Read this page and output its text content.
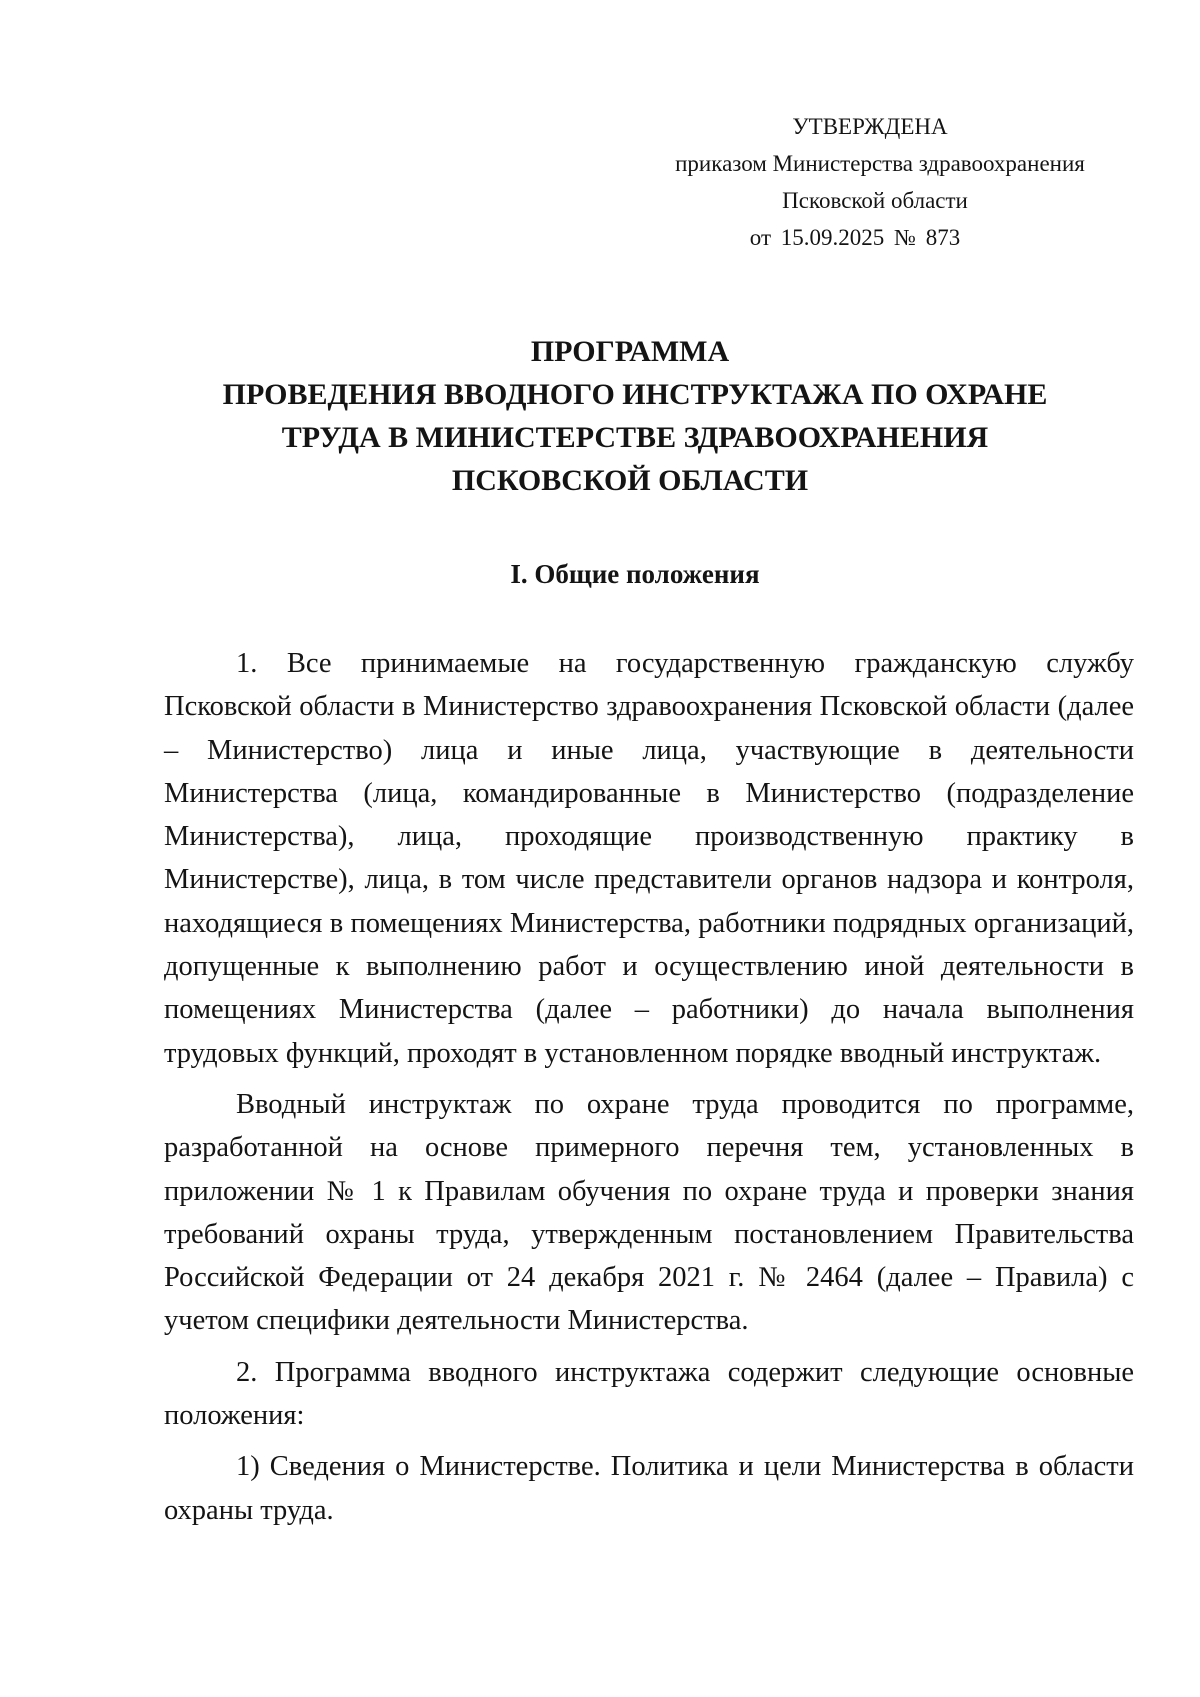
УТВЕРЖДЕНА
приказом Министерства здравоохранения
Псковской области
от 15.09.2025 № 873
ПРОГРАММА
ПРОВЕДЕНИЯ ВВОДНОГО ИНСТРУКТАЖА ПО ОХРАНЕ
ТРУДА В МИНИСТЕРСТВЕ ЗДРАВООХРАНЕНИЯ
ПСКОВСКОЙ ОБЛАСТИ
I. Общие положения

1. Все принимаемые на государственную гражданскую службу Псковской области в Министерство здравоохранения Псковской области (далее – Министерство) лица и иные лица, участвующие в деятельности Министерства (лица, командированные в Министерство (подразделение Министерства), лица, проходящие производственную практику в Министерстве), лица, в том числе представители органов надзора и контроля, находящиеся в помещениях Министерства, работники подрядных организаций, допущенные к выполнению работ и осуществлению иной деятельности в помещениях Министерства (далее – работники) до начала выполнения трудовых функций, проходят в установленном порядке вводный инструктаж.

Вводный инструктаж по охране труда проводится по программе, разработанной на основе примерного перечня тем, установленных в приложении № 1 к Правилам обучения по охране труда и проверки знания требований охраны труда, утвержденным постановлением Правительства Российской Федерации от 24 декабря 2021 г. № 2464 (далее – Правила) с учетом специфики деятельности Министерства.

2. Программа вводного инструктажа содержит следующие основные положения:

1) Сведения о Министерстве. Политика и цели Министерства в области охраны труда.
